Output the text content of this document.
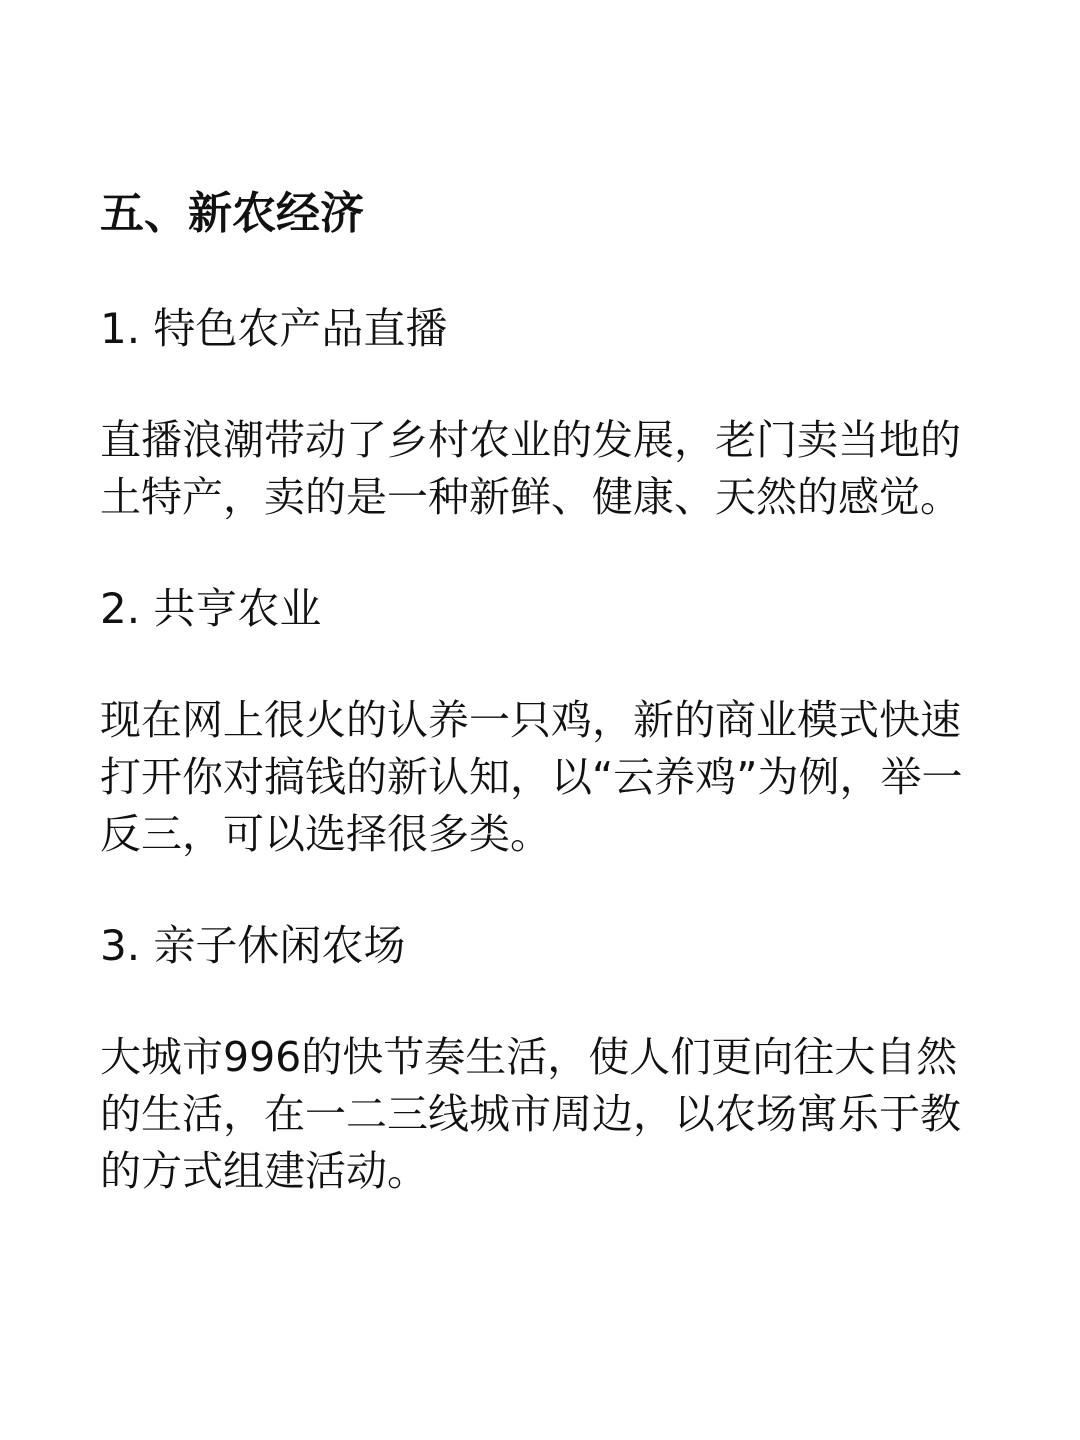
五、新农经济
1. 特色农产品直播

直播浪潮带动了乡村农业的发展，老门卖当地的土特产，卖的是一种新鲜、健康、天然的感觉。

2. 共亨农业

现在网上很火的认养一只鸡，新的商业模式快速打开你对搞钱的新认知，以“云养鸡”为例，举一反三，可以选择很多类。

3. 亲子休闲农场

大城市996的快节奏生活，使人们更向往大自然的生活，在一二三线城市周边，以农场寓乐于教的方式组建活动。
